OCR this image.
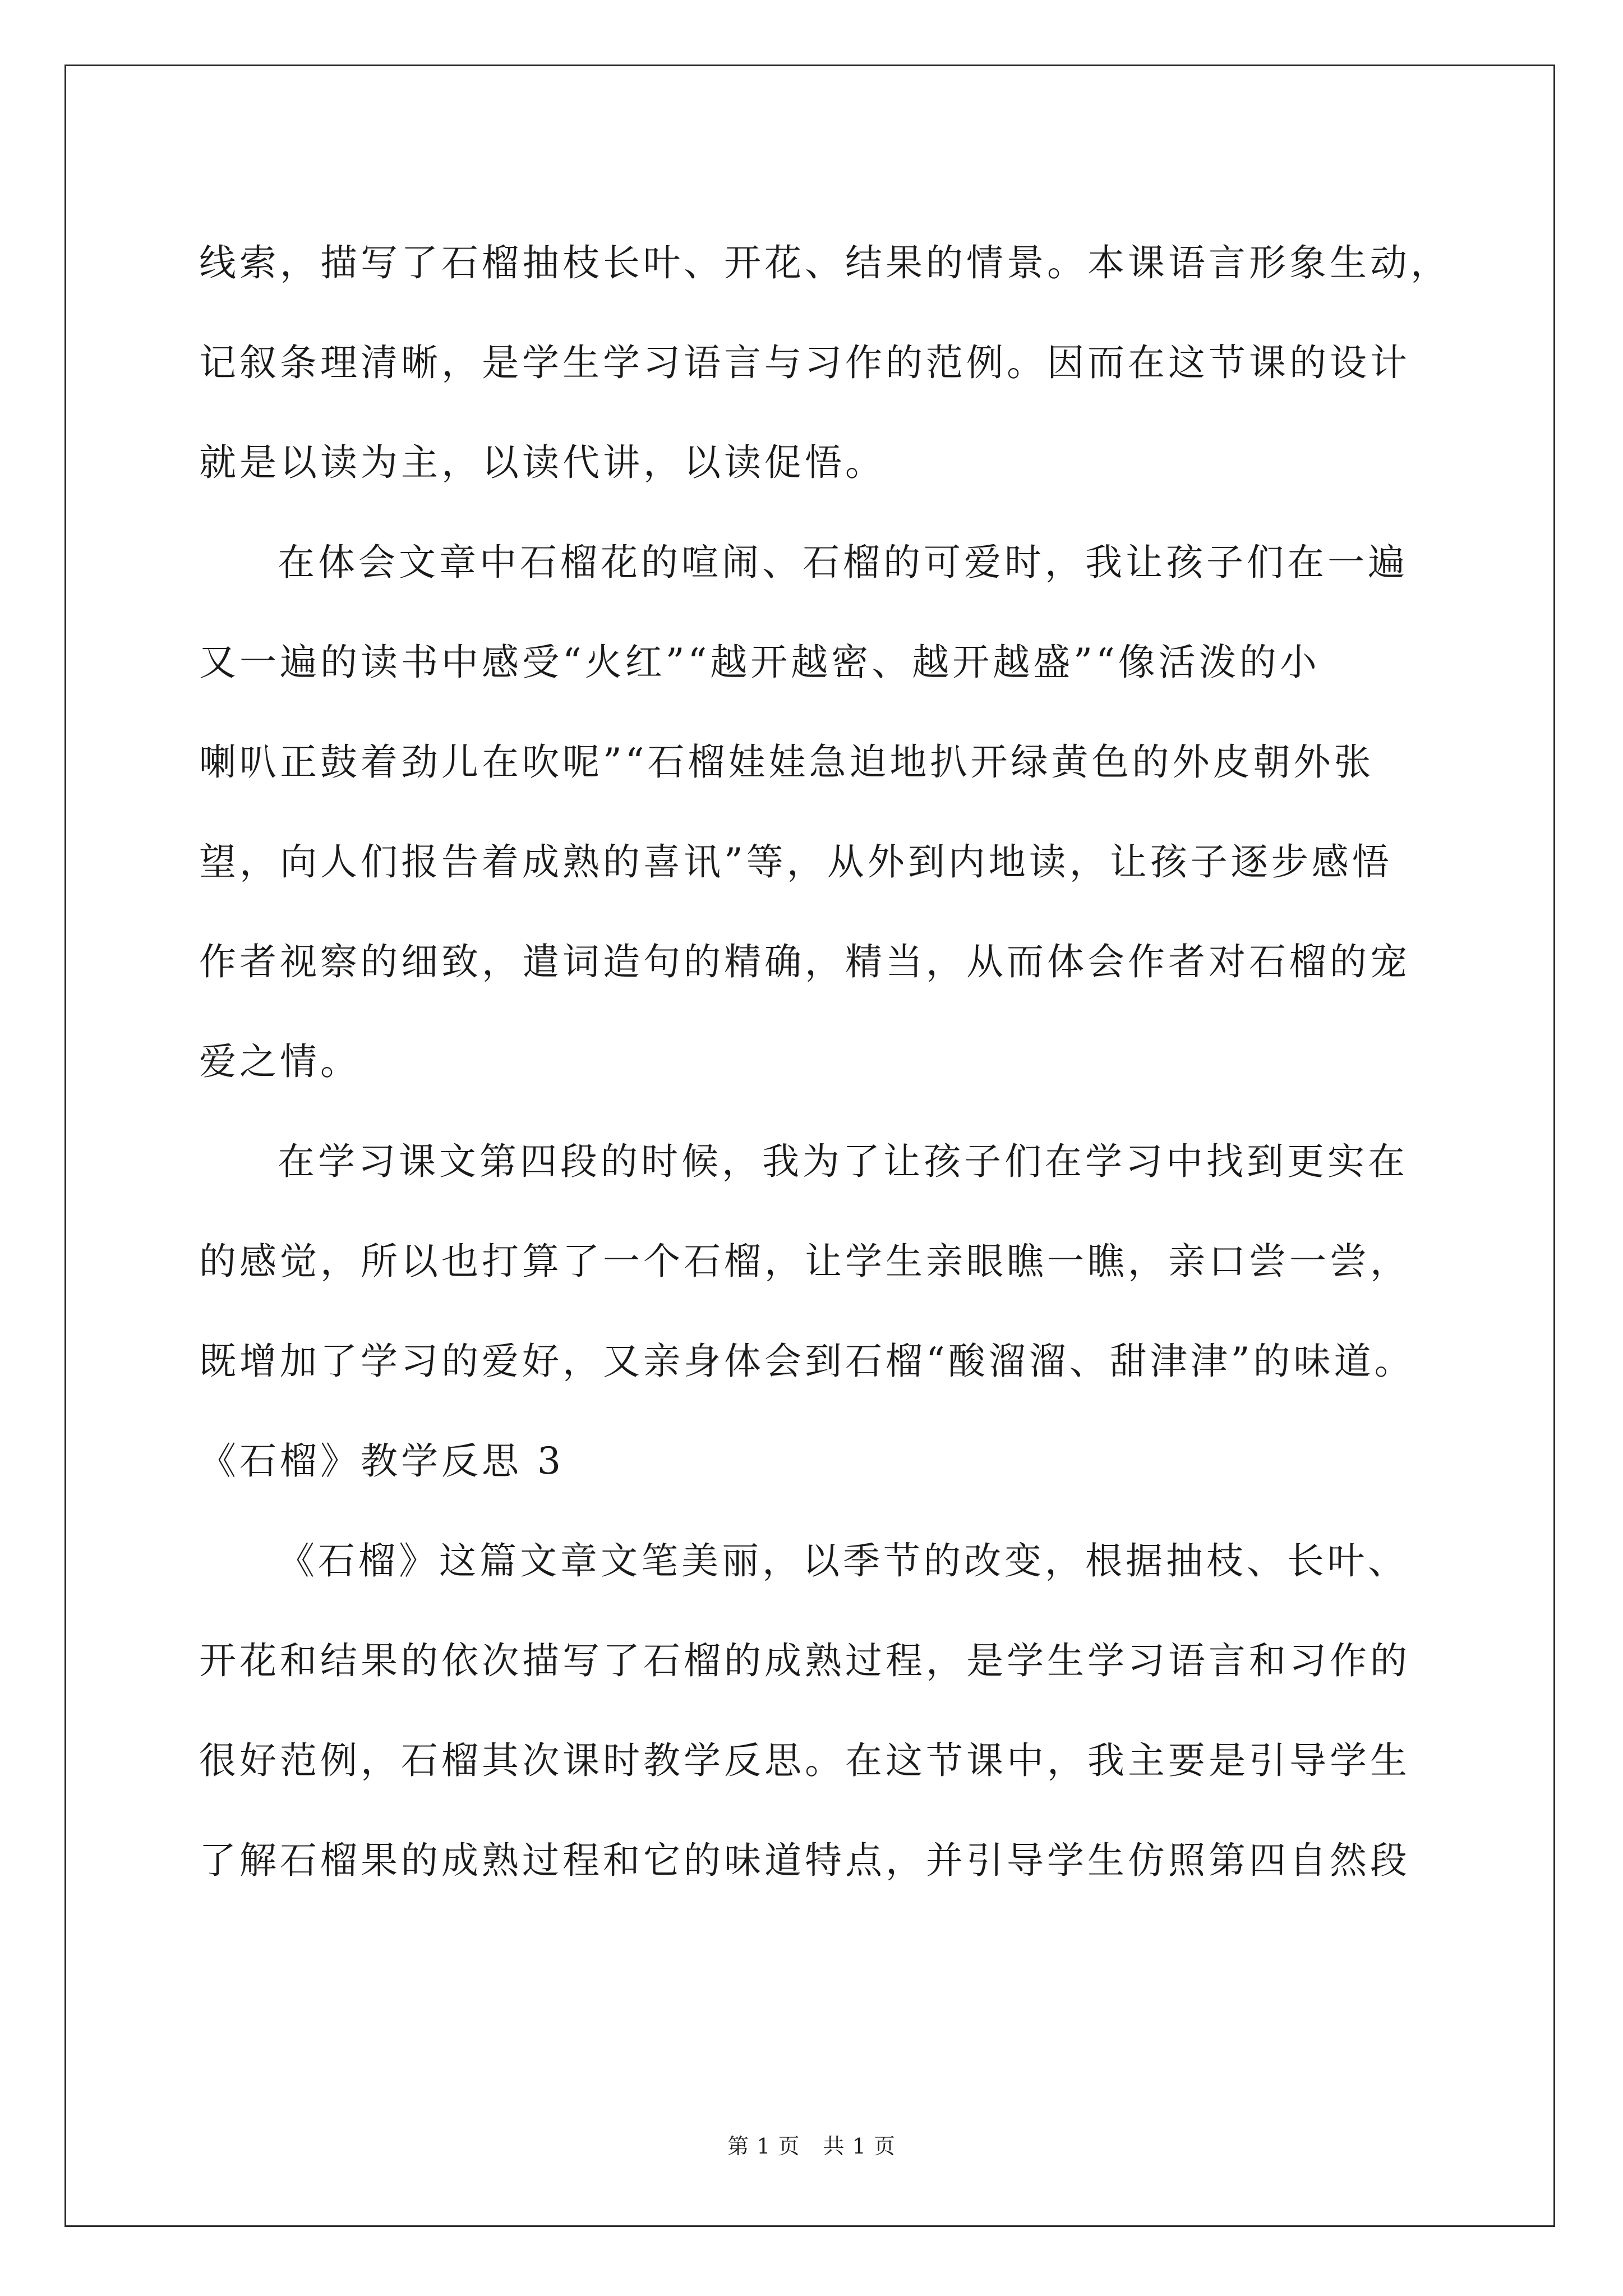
线索，描写了石榴抽枝长叶、开花、结果的情景。本课语言形象生动，
记叙条理清晰，是学生学习语言与习作的范例。因而在这节课的设计
就是以读为主，以读代讲，以读促悟。
在体会文章中石榴花的喧闹、石榴的可爱时，我让孩子们在一遍
又一遍的读书中感受“火红”“越开越密、越开越盛”“像活泼的小
喇叭正鼓着劲儿在吹呢”“石榴娃娃急迫地扒开绿黄色的外皮朝外张
望，向人们报告着成熟的喜讯”等，从外到内地读，让孩子逐步感悟
作者视察的细致，遣词造句的精确，精当，从而体会作者对石榴的宠
爱之情。
在学习课文第四段的时候，我为了让孩子们在学习中找到更实在
的感觉，所以也打算了一个石榴，让学生亲眼瞧一瞧，亲口尝一尝，
既增加了学习的爱好，又亲身体会到石榴“酸溜溜、甜津津”的味道。
《石榴》教学反思 3
《石榴》这篇文章文笔美丽，以季节的改变，根据抽枝、长叶、
开花和结果的依次描写了石榴的成熟过程，是学生学习语言和习作的
很好范例，石榴其次课时教学反思。在这节课中，我主要是引导学生
了解石榴果的成熟过程和它的味道特点，并引导学生仿照第四自然段
第 1 页 共 1 页
